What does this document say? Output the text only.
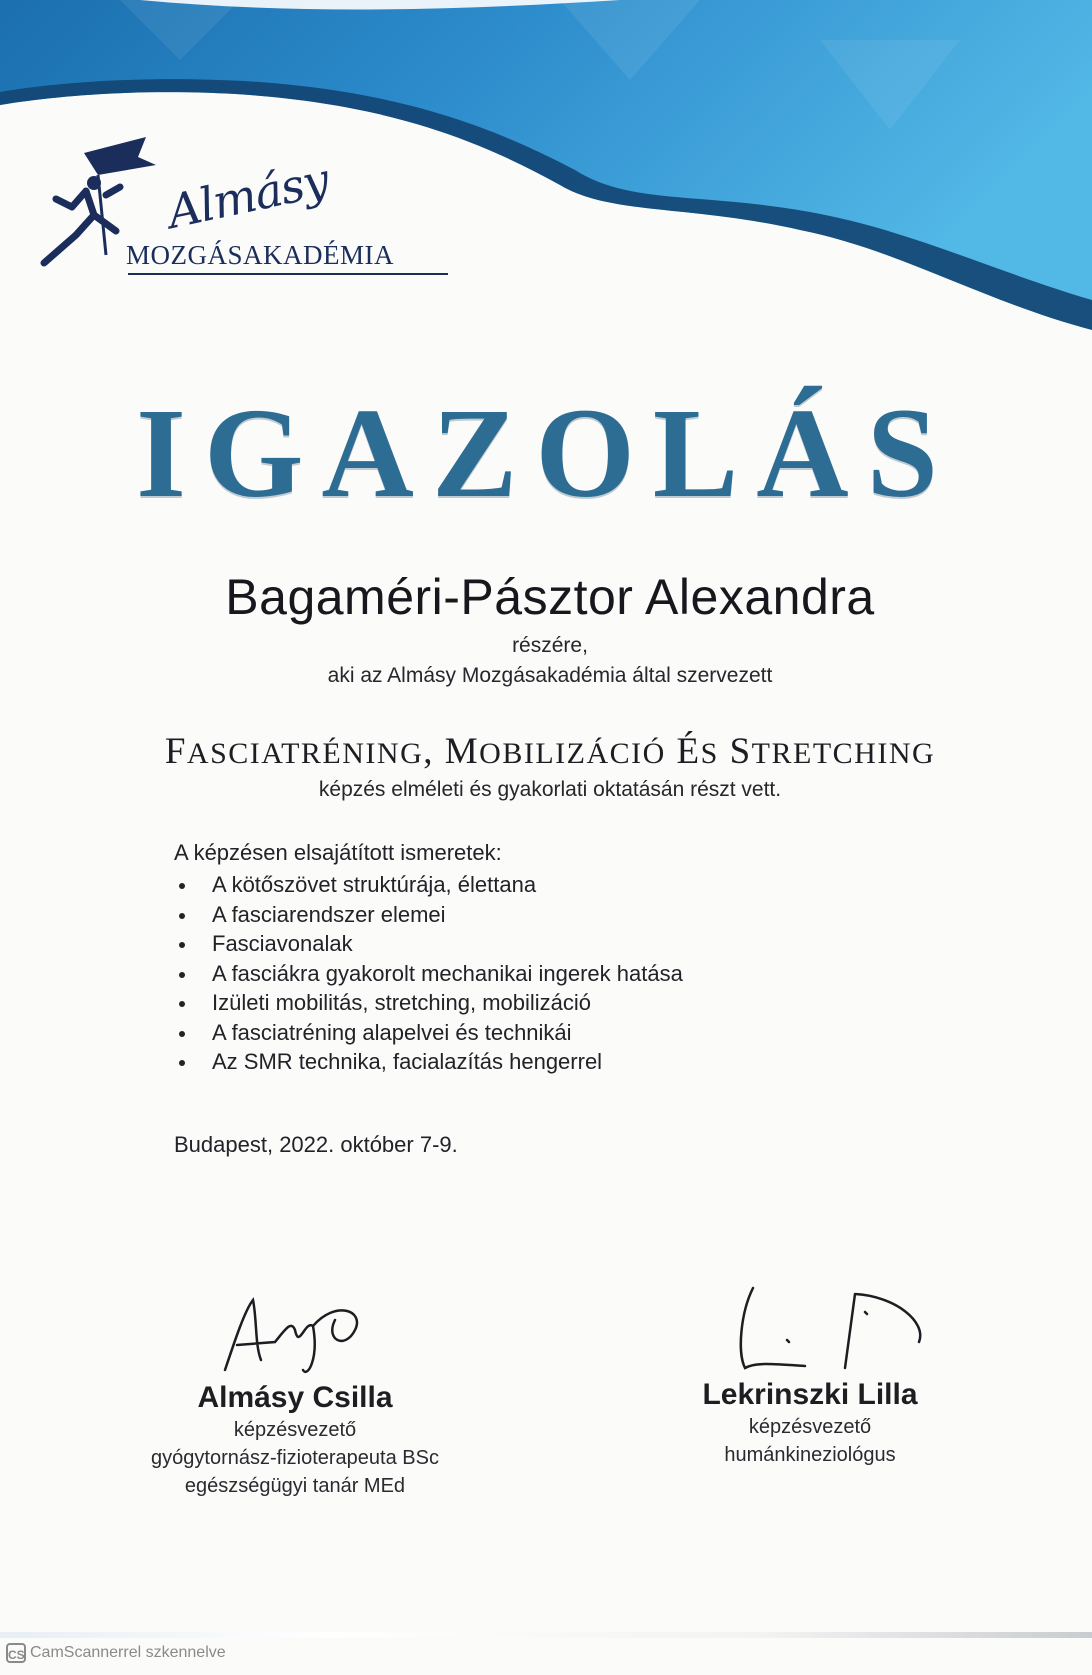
Almásy
MOZGÁSAKADÉMIA
IGAZOLÁS
Bagaméri-Pásztor Alexandra
részére,
aki az Almásy Mozgásakadémia által szervezett
FASCIATRÉNING, MOBILIZÁCIÓ ÉS STRETCHING
képzés elméleti és gyakorlati oktatásán részt vett.
A képzésen elsajátított ismeretek:
A kötőszövet struktúrája, élettana
A fasciarendszer elemei
Fasciavonalak
A fasciákra gyakorolt mechanikai ingerek hatása
Izületi mobilitás, stretching, mobilizáció
A fasciatréning alapelvei és technikái
Az SMR technika, facialazítás hengerrel
Budapest, 2022. október 7-9.
Almásy Csilla
képzésvezető
gyógytornász-fizioterapeuta BSc
egészségügyi tanár MEd
Lekrinszki Lilla
képzésvezető
humánkineziológus
CS CamScannerrel szkennelve
